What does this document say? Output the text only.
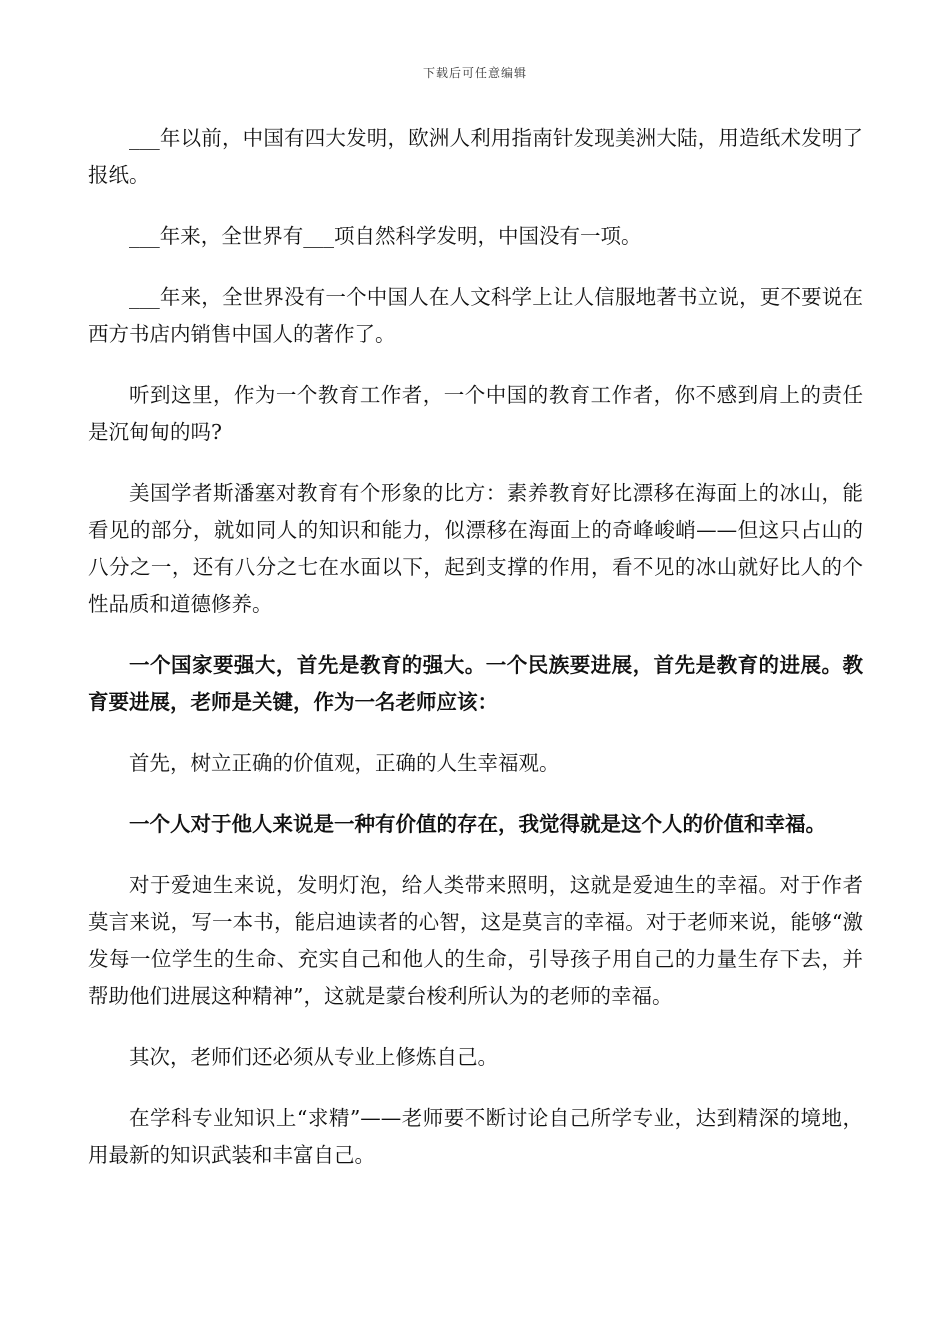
下载后可任意编辑

___年以前，中国有四大发明，欧洲人利用指南针发现美洲大陆，用造纸术发明了报纸。

___年来，全世界有___项自然科学发明，中国没有一项。

___年来，全世界没有一个中国人在人文科学上让人信服地著书立说，更不要说在西方书店内销售中国人的著作了。

听到这里，作为一个教育工作者，一个中国的教育工作者，你不感到肩上的责任是沉甸甸的吗?

美国学者斯潘塞对教育有个形象的比方：素养教育好比漂移在海面上的冰山，能看见的部分，就如同人的知识和能力，似漂移在海面上的奇峰峻峭——但这只占山的八分之一，还有八分之七在水面以下，起到支撑的作用，看不见的冰山就好比人的个性品质和道德修养。

一个国家要强大，首先是教育的强大。一个民族要进展，首先是教育的进展。教育要进展，老师是关键，作为一名老师应该：

首先，树立正确的价值观，正确的人生幸福观。

一个人对于他人来说是一种有价值的存在，我觉得就是这个人的价值和幸福。

对于爱迪生来说，发明灯泡，给人类带来照明，这就是爱迪生的幸福。对于作者莫言来说，写一本书，能启迪读者的心智，这是莫言的幸福。对于老师来说，能够“激发每一位学生的生命、充实自己和他人的生命，引导孩子用自己的力量生存下去，并帮助他们进展这种精神”，这就是蒙台梭利所认为的老师的幸福。

其次，老师们还必须从专业上修炼自己。

在学科专业知识上“求精”——老师要不断讨论自己所学专业，达到精深的境地，用最新的知识武装和丰富自己。
